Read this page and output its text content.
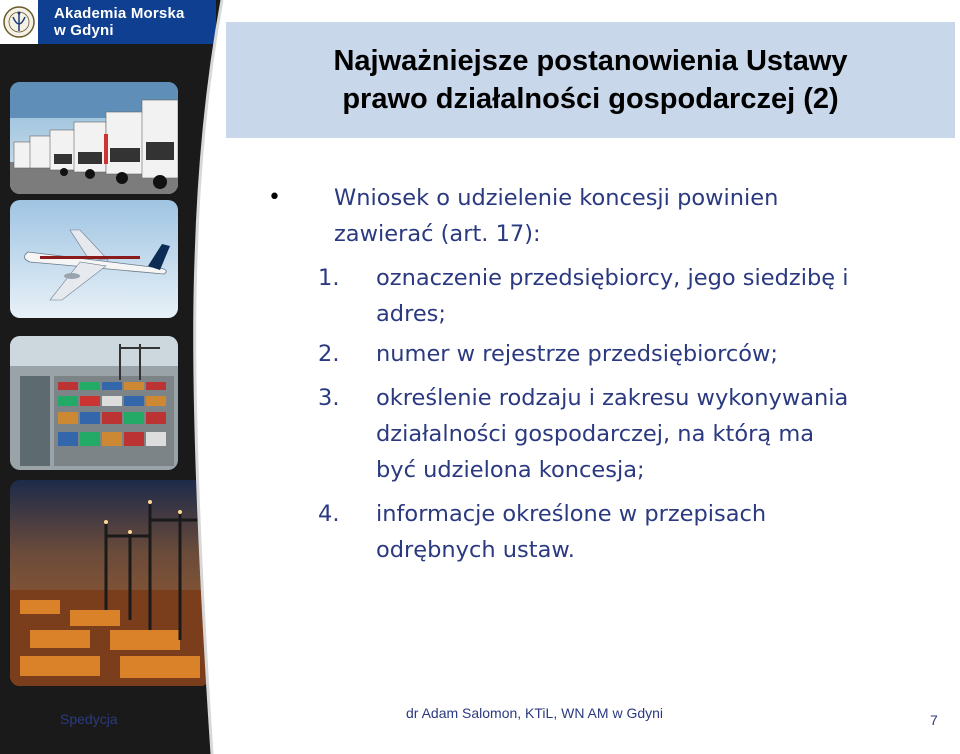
Akademia Morska
w Gdyni
Najważniejsze postanowienia Ustawy
prawo działalności gospodarczej (2)
• Wniosek o udzielenie koncesji powinien
zawierać (art. 17):
1. oznaczenie przedsiębiorcy, jego siedzibę i
adres;
2. numer w rejestrze przedsiębiorców;
3. określenie rodzaju i zakresu wykonywania
działalności gospodarczej, na którą ma
być udzielona koncesja;
4. informacje określone w przepisach
odrębnych ustaw.
Spedycja	dr Adam Salomon, KTiL, WN AM w Gdyni	7
